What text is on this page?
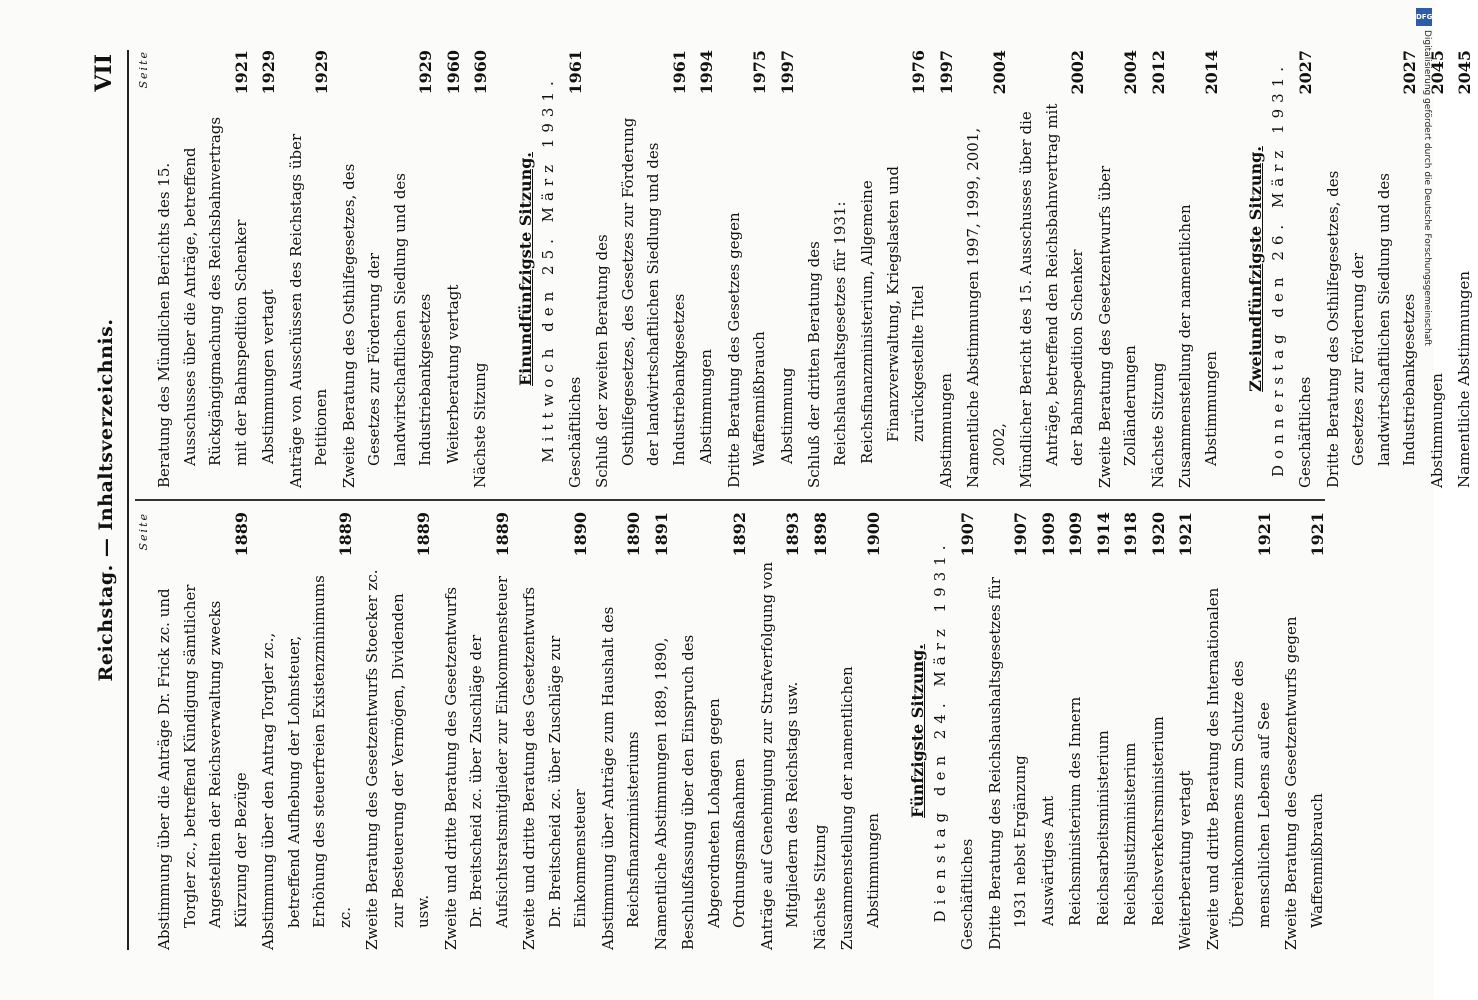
Reichstag. — Inhaltsverzeichnis.
VII
Seite
Abstimmung über die Anträge Dr. Frick zc. und Torgler zc., betreffend Kündigung sämtlicher Angestellten der Reichsverwaltung zwecks Kürzung der Bezüge
1889
Abstimmung über den Antrag Torgler zc., betreffend Aufhebung der Lohnsteuer, Erhöhung des steuerfreien Existenzminimums zc.
1889
Zweite Beratung des Gesetzentwurfs Stoecker zc. zur Besteuerung der Vermögen, Dividenden usw.
1889
Zweite und dritte Beratung des Gesetzentwurfs Dr. Breitscheid zc. über Zuschläge der Aufsichtsratsmitglieder zur Einkommensteuer
1889
Zweite und dritte Beratung des Gesetzentwurfs Dr. Breitscheid zc. über Zuschläge zur Einkommensteuer
1890
Abstimmung über Anträge zum Haushalt des Reichsfinanzministeriums
1890
Namentliche Abstimmungen 1889, 1890,
1891
Beschlußfassung über den Einspruch des Abgeordneten Lohagen gegen Ordnungsmaßnahmen
1892
Anträge auf Genehmigung zur Strafverfolgung von Mitgliedern des Reichstags usw.
1893
Nächste Sitzung
1898
Zusammenstellung der namentlichen Abstimmungen
1900
Fünfzigste Sitzung. Dienstag den 24. März 1931. Geschäftliches
1907
Dritte Beratung des Reichshaushaltsgesetzes für 1931 nebst Ergänzung
1907
Auswärtiges Amt
1909
Reichsministerium des Innern
1909
Reichsarbeitsministerium
1914
Reichsjustizministerium
1918
Reichsverkehrsministerium
1920
Weiterberatung vertagt
1921
Zweite und dritte Beratung des Internationalen Übereinkommens zum Schutze des menschlichen Lebens auf See
1921
Zweite Beratung des Gesetzentwurfs gegen Waffenmißbrauch
1921
Seite
Beratung des Mündlichen Berichts des 15. Ausschusses über die Anträge, betreffend Rückgängigmachung des Reichsbahnvertrags mit der Bahnspedition Schenker
1921
Abstimmungen vertagt
1929
Anträge von Ausschüssen des Reichstags über Petitionen
1929
Zweite Beratung des Osthilfegesetzes, des Gesetzes zur Förderung der landwirtschaftlichen Siedlung und des Industriebankgesetzes
1929
Weiterberatung vertagt
1960
Nächste Sitzung
1960
Einundfünfzigste Sitzung. Mittwoch den 25. März 1931. Geschäftliches
1961
Schluß der zweiten Beratung des Osthilfegesetzes, des Gesetzes zur Förderung der landwirtschaftlichen Siedlung und des Industriebankgesetzes
1961
Abstimmungen
1994
Dritte Beratung des Gesetzes gegen Waffenmißbrauch
1975
Abstimmung
1997
Schluß der dritten Beratung des Reichshaushaltsgesetzes für 1931: Reichsfinanzministerium, Allgemeine Finanzverwaltung, Kriegslasten und zurückgestellte Titel
1976
Abstimmungen
1997
Namentliche Abstimmungen 1997, 1999, 2001, 2002,
2004
Mündlicher Bericht des 15. Ausschusses über die Anträge, betreffend den Reichsbahnvertrag mit der Bahnspedition Schenker
2002
Zweite Beratung des Gesetzentwurfs über Zolländerungen
2004
Nächste Sitzung
2012
Zusammenstellung der namentlichen Abstimmungen
2014
Zweiundfünfzigste Sitzung. Donnerstag den 26. März 1931. Geschäftliches
2027
Dritte Beratung des Osthilfegesetzes, des Gesetzes zur Förderung der landwirtschaftlichen Siedlung und des Industriebankgesetzes
2027
Abstimmungen
2045
Namentliche Abstimmungen
2045
DFG
Digitalisierung gefördert durch die Deutsche Forschungsgemeinschaft
